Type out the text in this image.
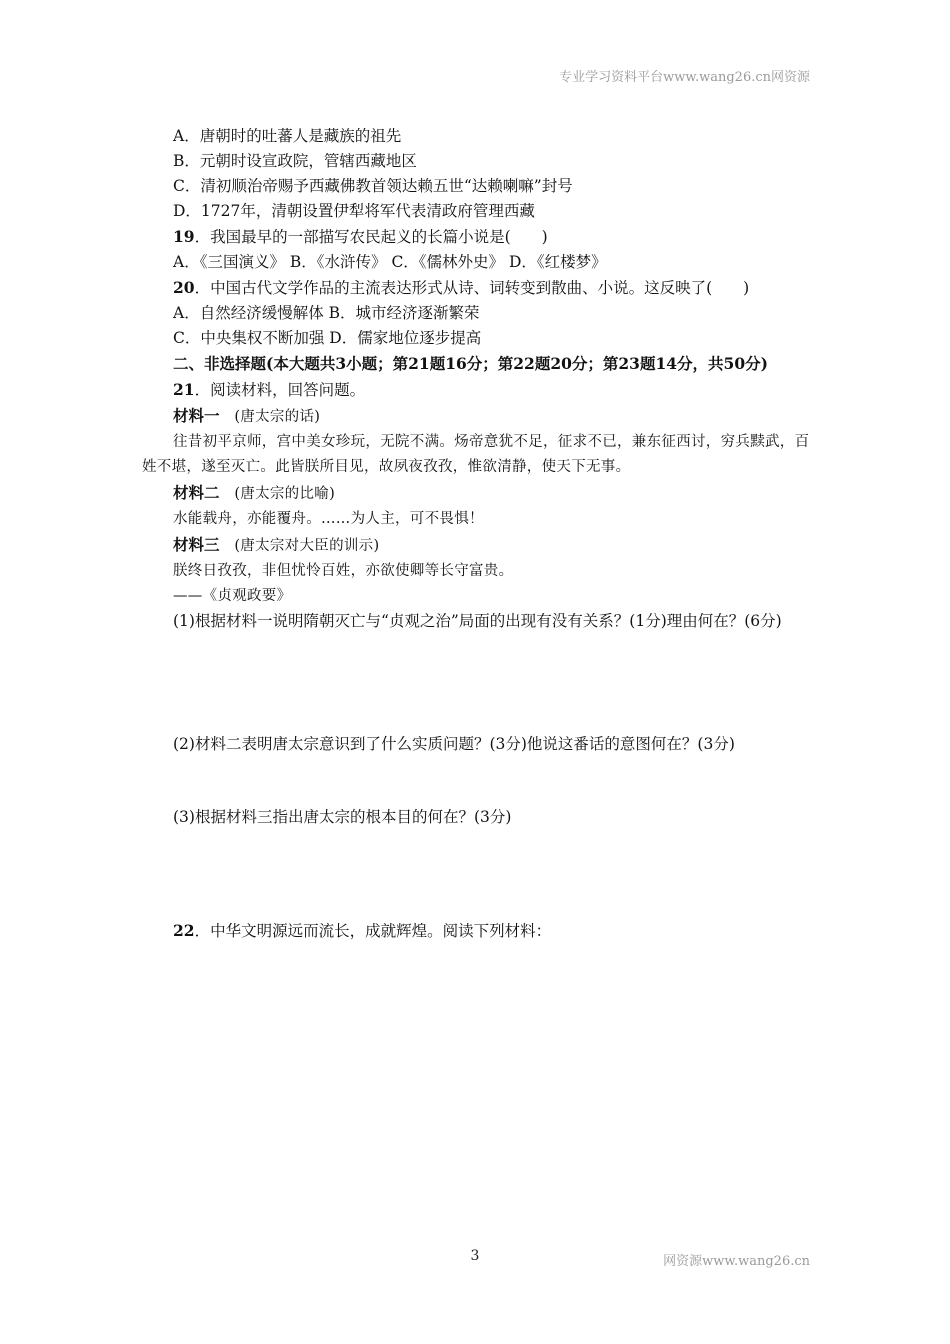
专业学习资料平台www.wang26.cn网资源
A．唐朝时的吐蕃人是藏族的祖先
B．元朝时设宣政院，管辖西藏地区
C．清初顺治帝赐予西藏佛教首领达赖五世“达赖喇嘛”封号
D．1727年，清朝设置伊犁将军代表清政府管理西藏
19．我国最早的一部描写农民起义的长篇小说是(　　)
A．《三国演义》 B．《水浒传》 C．《儒林外史》 D．《红楼梦》
20．中国古代文学作品的主流表达形式从诗、词转变到散曲、小说。这反映了(　　)
A．自然经济缓慢解体 B．城市经济逐渐繁荣
C．中央集权不断加强 D．儒家地位逐步提高
二、非选择题(本大题共3小题；第21题16分；第22题20分；第23题14分，共50分)
21．阅读材料，回答问题。
材料一　(唐太宗的话)
往昔初平京师，宫中美女珍玩，无院不满。炀帝意犹不足，征求不已，兼东征西讨，穷兵黩武，百姓不堪，遂至灭亡。此皆朕所目见，故夙夜孜孜，惟欲清静，使天下无事。
材料二　(唐太宗的比喻)
水能载舟，亦能覆舟。……为人主，可不畏惧！
材料三　(唐太宗对大臣的训示)
朕终日孜孜，非但忧怜百姓，亦欲使卿等长守富贵。
——《贞观政要》
(1)根据材料一说明隋朝灭亡与“贞观之治”局面的出现有没有关系？(1分)理由何在？(6分)
(2)材料二表明唐太宗意识到了什么实质问题？(3分)他说这番话的意图何在？(3分)
(3)根据材料三指出唐太宗的根本目的何在？(3分)
22．中华文明源远而流长，成就辉煌。阅读下列材料：
3	网资源www.wang26.cn
